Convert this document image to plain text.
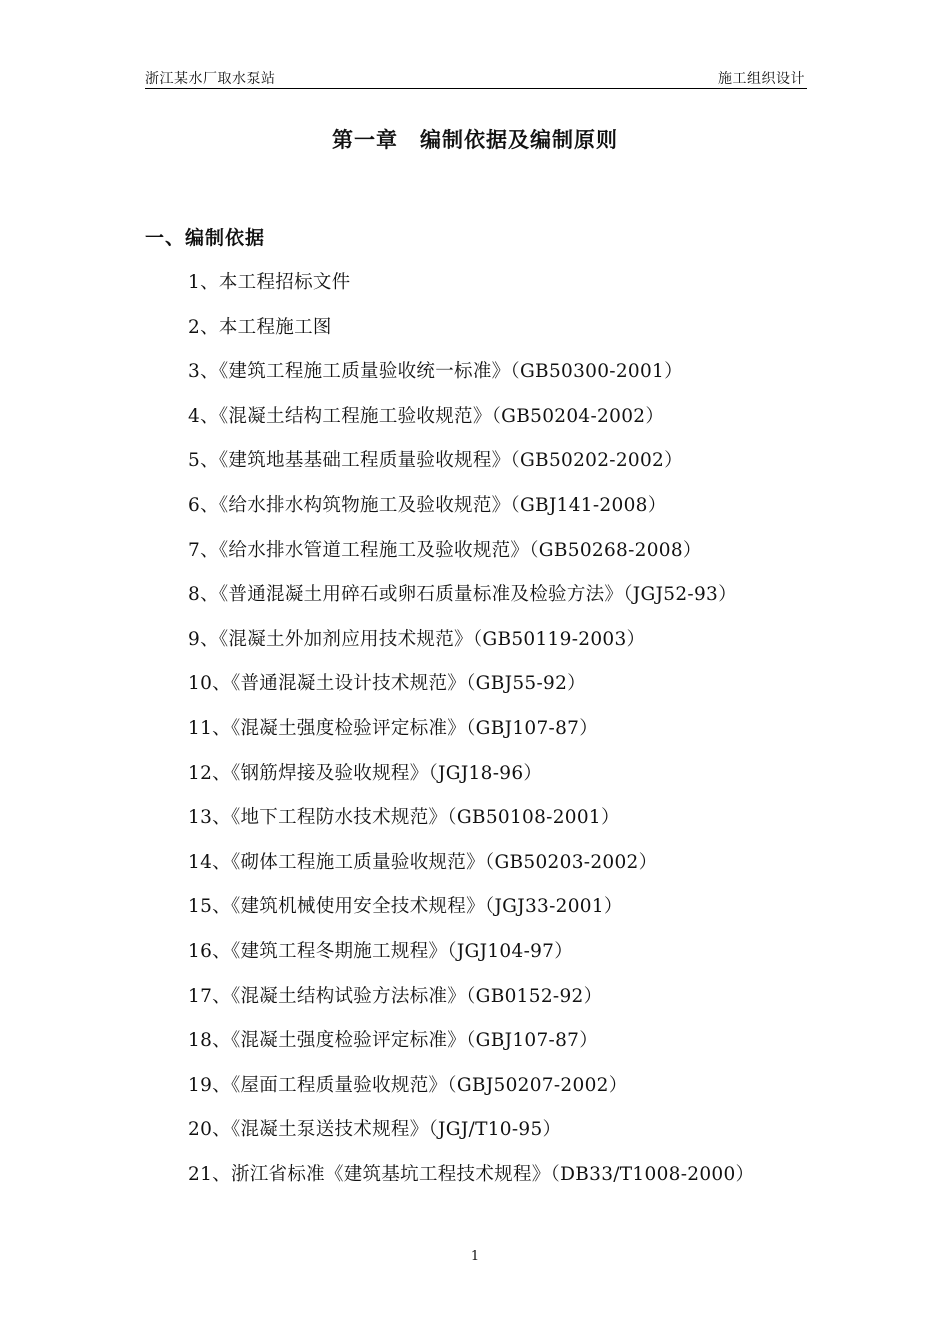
浙江某水厂取水泵站	施工组织设计
第一章　编制依据及编制原则
一、编制依据
1、本工程招标文件
2、本工程施工图
3、《建筑工程施工质量验收统一标准》（GB50300-2001）
4、《混凝土结构工程施工验收规范》（GB50204-2002）
5、《建筑地基基础工程质量验收规程》（GB50202-2002）
6、《给水排水构筑物施工及验收规范》（GBJ141-2008）
7、《给水排水管道工程施工及验收规范》（GB50268-2008）
8、《普通混凝土用碎石或卵石质量标准及检验方法》（JGJ52-93）
9、《混凝土外加剂应用技术规范》（GB50119-2003）
10、《普通混凝土设计技术规范》（GBJ55-92）
11、《混凝土强度检验评定标准》（GBJ107-87）
12、《钢筋焊接及验收规程》（JGJ18-96）
13、《地下工程防水技术规范》（GB50108-2001）
14、《砌体工程施工质量验收规范》（GB50203-2002）
15、《建筑机械使用安全技术规程》（JGJ33-2001）
16、《建筑工程冬期施工规程》（JGJ104-97）
17、《混凝土结构试验方法标准》（GB0152-92）
18、《混凝土强度检验评定标准》（GBJ107-87）
19、《屋面工程质量验收规范》（GBJ50207-2002）
20、《混凝土泵送技术规程》（JGJ/T10-95）
21、浙江省标准《建筑基坑工程技术规程》（DB33/T1008-2000）
1
